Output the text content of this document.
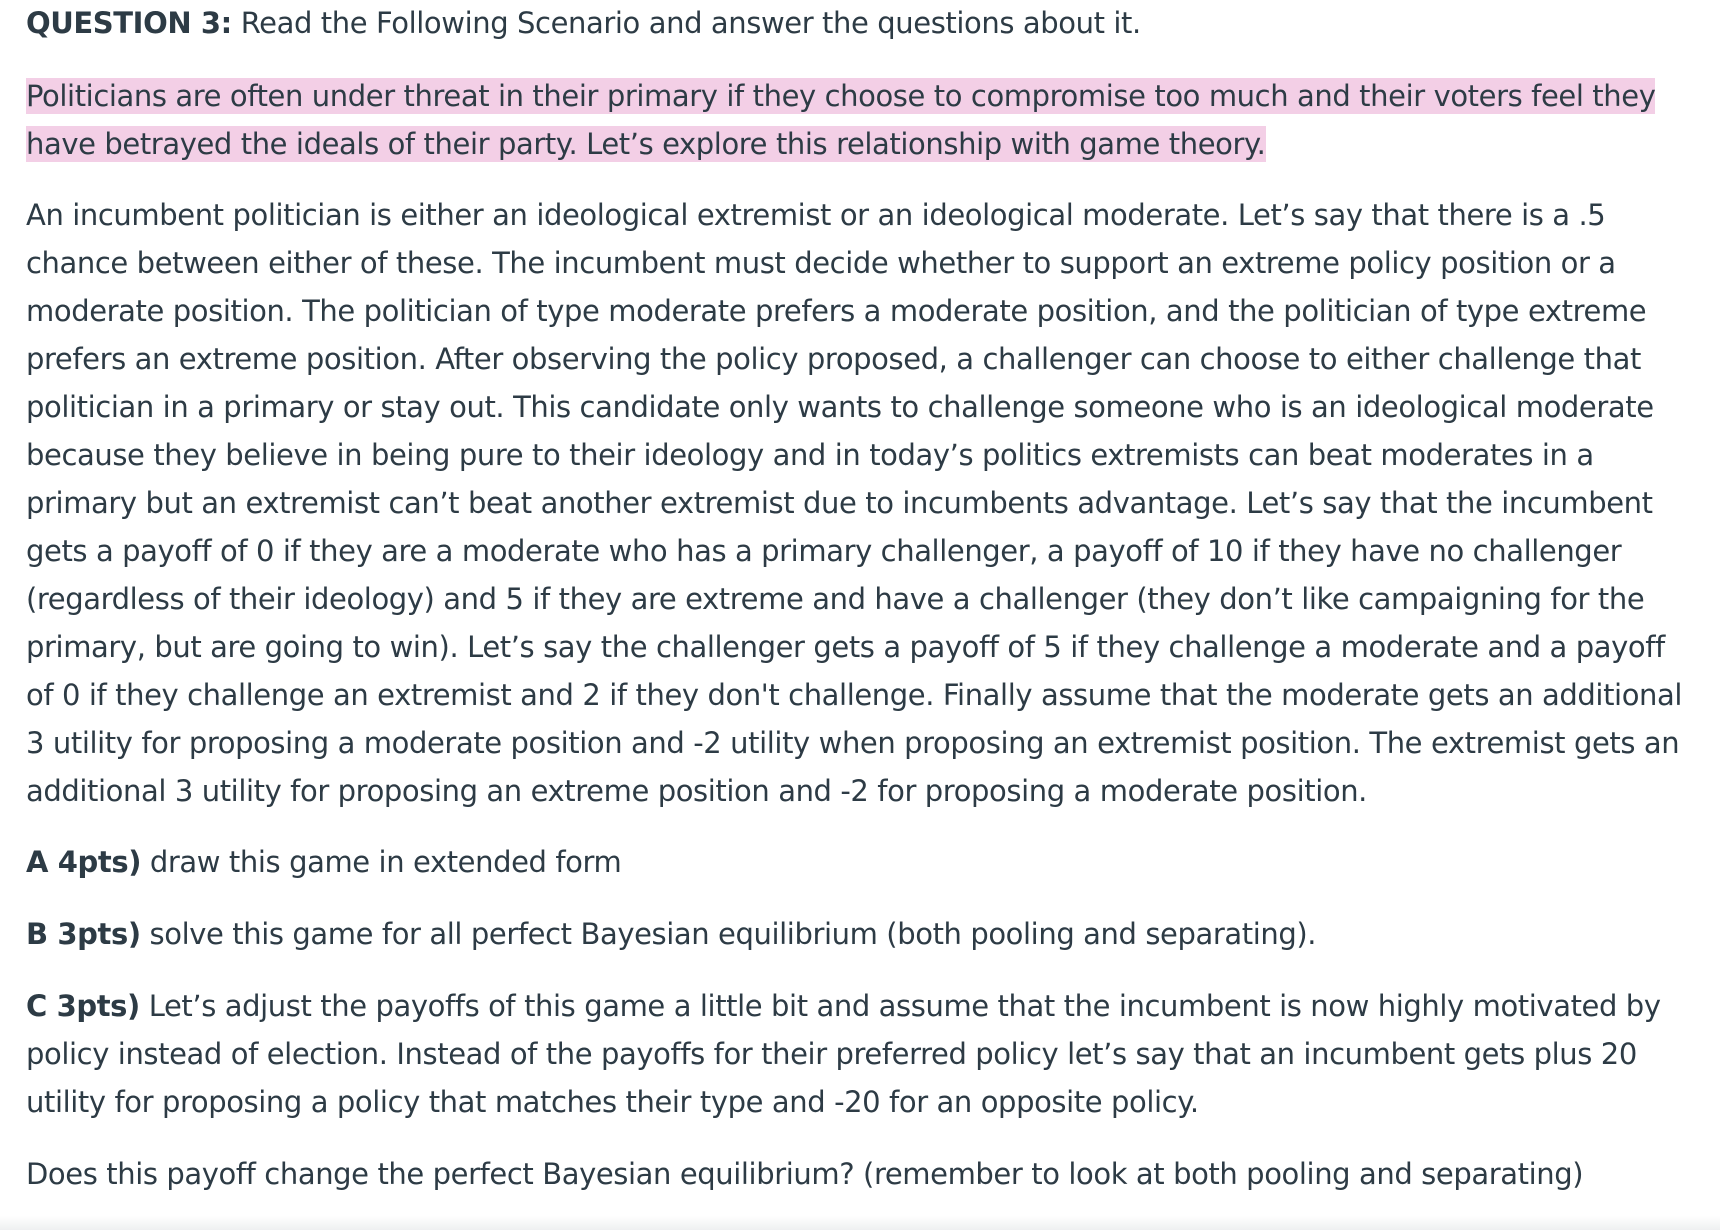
QUESTION 3: Read the Following Scenario and answer the questions about it.

Politicians are often under threat in their primary if they choose to compromise too much and their voters feel they have betrayed the ideals of their party. Let’s explore this relationship with game theory.

An incumbent politician is either an ideological extremist or an ideological moderate. Let’s say that there is a .5 chance between either of these. The incumbent must decide whether to support an extreme policy position or a moderate position. The politician of type moderate prefers a moderate position, and the politician of type extreme prefers an extreme position. After observing the policy proposed, a challenger can choose to either challenge that politician in a primary or stay out. This candidate only wants to challenge someone who is an ideological moderate because they believe in being pure to their ideology and in today’s politics extremists can beat moderates in a primary but an extremist can’t beat another extremist due to incumbents advantage. Let’s say that the incumbent gets a payoff of 0 if they are a moderate who has a primary challenger, a payoff of 10 if they have no challenger (regardless of their ideology) and 5 if they are extreme and have a challenger (they don’t like campaigning for the primary, but are going to win). Let’s say the challenger gets a payoff of 5 if they challenge a moderate and a payoff of 0 if they challenge an extremist and 2 if they don't challenge. Finally assume that the moderate gets an additional 3 utility for proposing a moderate position and -2 utility when proposing an extremist position. The extremist gets an additional 3 utility for proposing an extreme position and -2 for proposing a moderate position.

A 4pts) draw this game in extended form

B 3pts) solve this game for all perfect Bayesian equilibrium (both pooling and separating).

C 3pts) Let’s adjust the payoffs of this game a little bit and assume that the incumbent is now highly motivated by policy instead of election. Instead of the payoffs for their preferred policy let’s say that an incumbent gets plus 20 utility for proposing a policy that matches their type and -20 for an opposite policy.

Does this payoff change the perfect Bayesian equilibrium? (remember to look at both pooling and separating)
